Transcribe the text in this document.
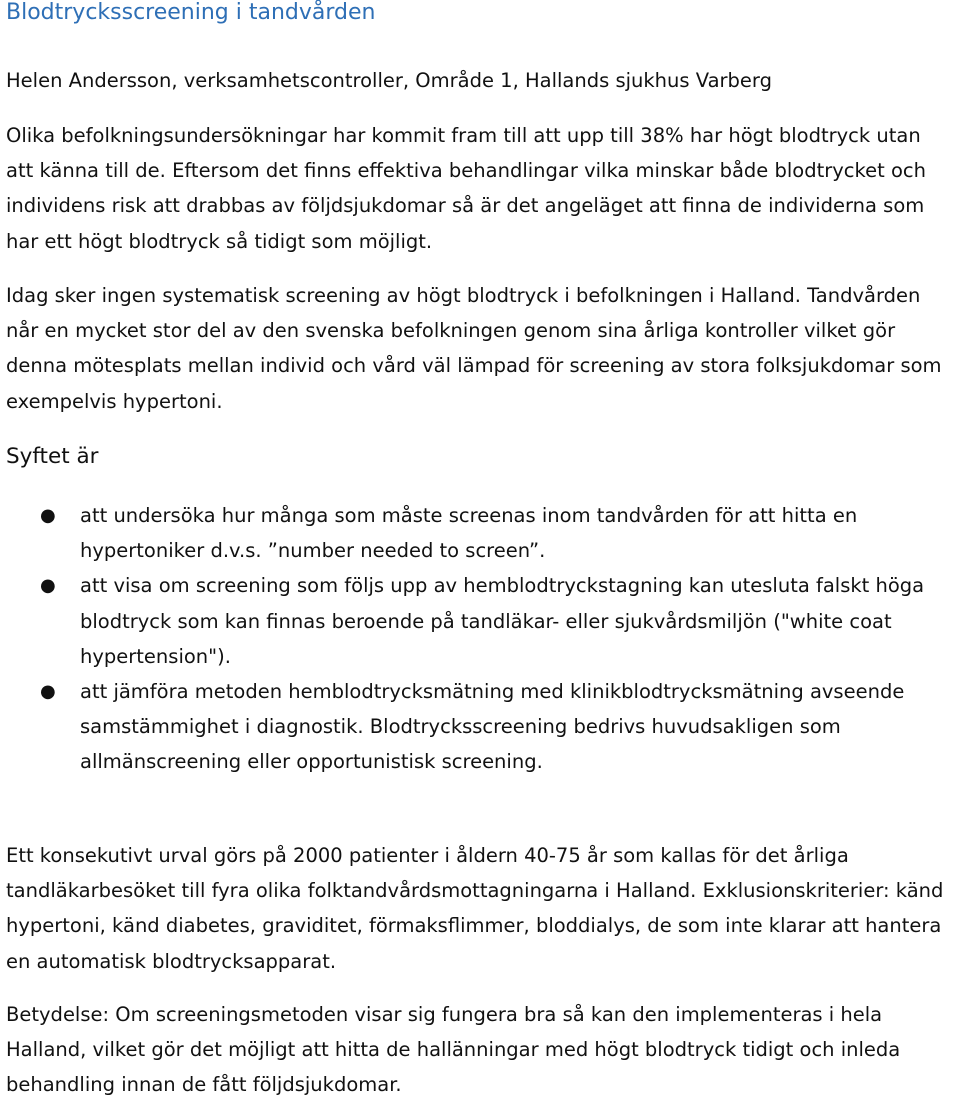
Blodtrycksscreening i tandvården

Helen Andersson, verksamhetscontroller, Område 1, Hallands sjukhus Varberg

Olika befolkningsundersökningar har kommit fram till att upp till 38% har högt blodtryck utan att känna till de. Eftersom det finns effektiva behandlingar vilka minskar både blodtrycket och individens risk att drabbas av följdsjukdomar så är det angeläget att finna de individerna som har ett högt blodtryck så tidigt som möjligt.

Idag sker ingen systematisk screening av högt blodtryck i befolkningen i Halland. Tandvården når en mycket stor del av den svenska befolkningen genom sina årliga kontroller vilket gör denna mötesplats mellan individ och vård väl lämpad för screening av stora folksjukdomar som exempelvis hypertoni.

Syftet är
● att undersöka hur många som måste screenas inom tandvården för att hitta en hypertoniker d.v.s. ”number needed to screen”.
● att visa om screening som följs upp av hemblodtryckstagning kan utesluta falskt höga blodtryck som kan finnas beroende på tandläkar- eller sjukvårdsmiljön ("white coat hypertension").
● att jämföra metoden hemblodtrycksmätning med klinikblodtrycksmätning avseende samstämmighet i diagnostik. Blodtrycksscreening bedrivs huvudsakligen som allmänscreening eller opportunistisk screening.

Ett konsekutivt urval görs på 2000 patienter i åldern 40-75 år som kallas för det årliga tandläkarbesöket till fyra olika folktandvårdsmottagningarna i Halland. Exklusionskriterier: känd hypertoni, känd diabetes, graviditet, förmaksflimmer, bloddialys, de som inte klarar att hantera en automatisk blodtrycksapparat.

Betydelse: Om screeningsmetoden visar sig fungera bra så kan den implementeras i hela Halland, vilket gör det möjligt att hitta de hallänningar med högt blodtryck tidigt och inleda behandling innan de fått följdsjukdomar.
